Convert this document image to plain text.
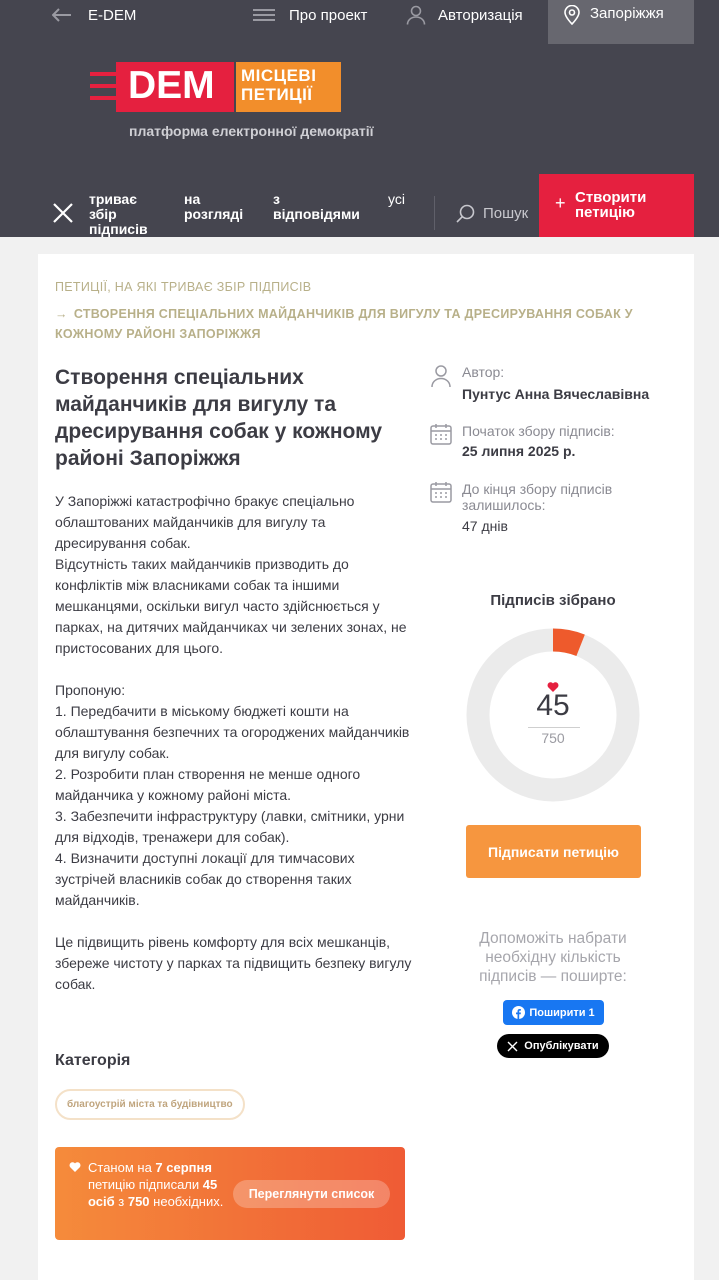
E-DEM	Про проект	Авторизація	Запоріжжя
DEM МІСЦЕВІ
ПЕТИЦІЇ
платформа електронної демократії
триває збір підписів
на розгляді
з відповідями
усі
Пошук
+ Створити петицію
ПЕТИЦІЇ, НА ЯКІ ТРИВАЄ ЗБІР ПІДПИСІВ
→ СТВОРЕННЯ СПЕЦІАЛЬНИХ МАЙДАНЧИКІВ ДЛЯ ВИГУЛУ ТА ДРЕСИРУВАННЯ СОБАК У КОЖНОМУ РАЙОНІ ЗАПОРІЖЖЯ
Створення спеціальних майданчиків для вигулу та дресирування собак у кожному районі Запоріжжя
У Запоріжжі катастрофічно бракує спеціально облаштованих майданчиків для вигулу та дресирування собак.
Відсутність таких майданчиків призводить до конфліктів між власниками собак та іншими мешканцями, оскільки вигул часто здійснюється у парках, на дитячих майданчиках чи зелених зонах, не пристосованих для цього.

Пропоную:
1. Передбачити в міському бюджеті кошти на облаштування безпечних та огороджених майданчиків для вигулу собак.
2. Розробити план створення не менше одного майданчика у кожному районі міста.
3. Забезпечити інфраструктуру (лавки, смітники, урни для відходів, тренажери для собак).
4. Визначити доступні локації для тимчасових зустрічей власників собак до створення таких майданчиків.

Це підвищить рівень комфорту для всіх мешканців, збереже чистоту у парках та підвищить безпеку вигулу собак.
Категорія
благоустрій міста та будівництво
Станом на 7 серпня петицію підписали 45 осіб з 750 необхідних.	Переглянути список
Автор:
Пунтус Анна Вячеславівна
Початок збору підписів:
25 липня 2025 р.
До кінця збору підписів залишилось:
47 днів
Підписів зібрано
45
750
Підписати петицію
Допоможіть набрати необхідну кількість підписів — поширте:
Поширити 1
Опублікувати
